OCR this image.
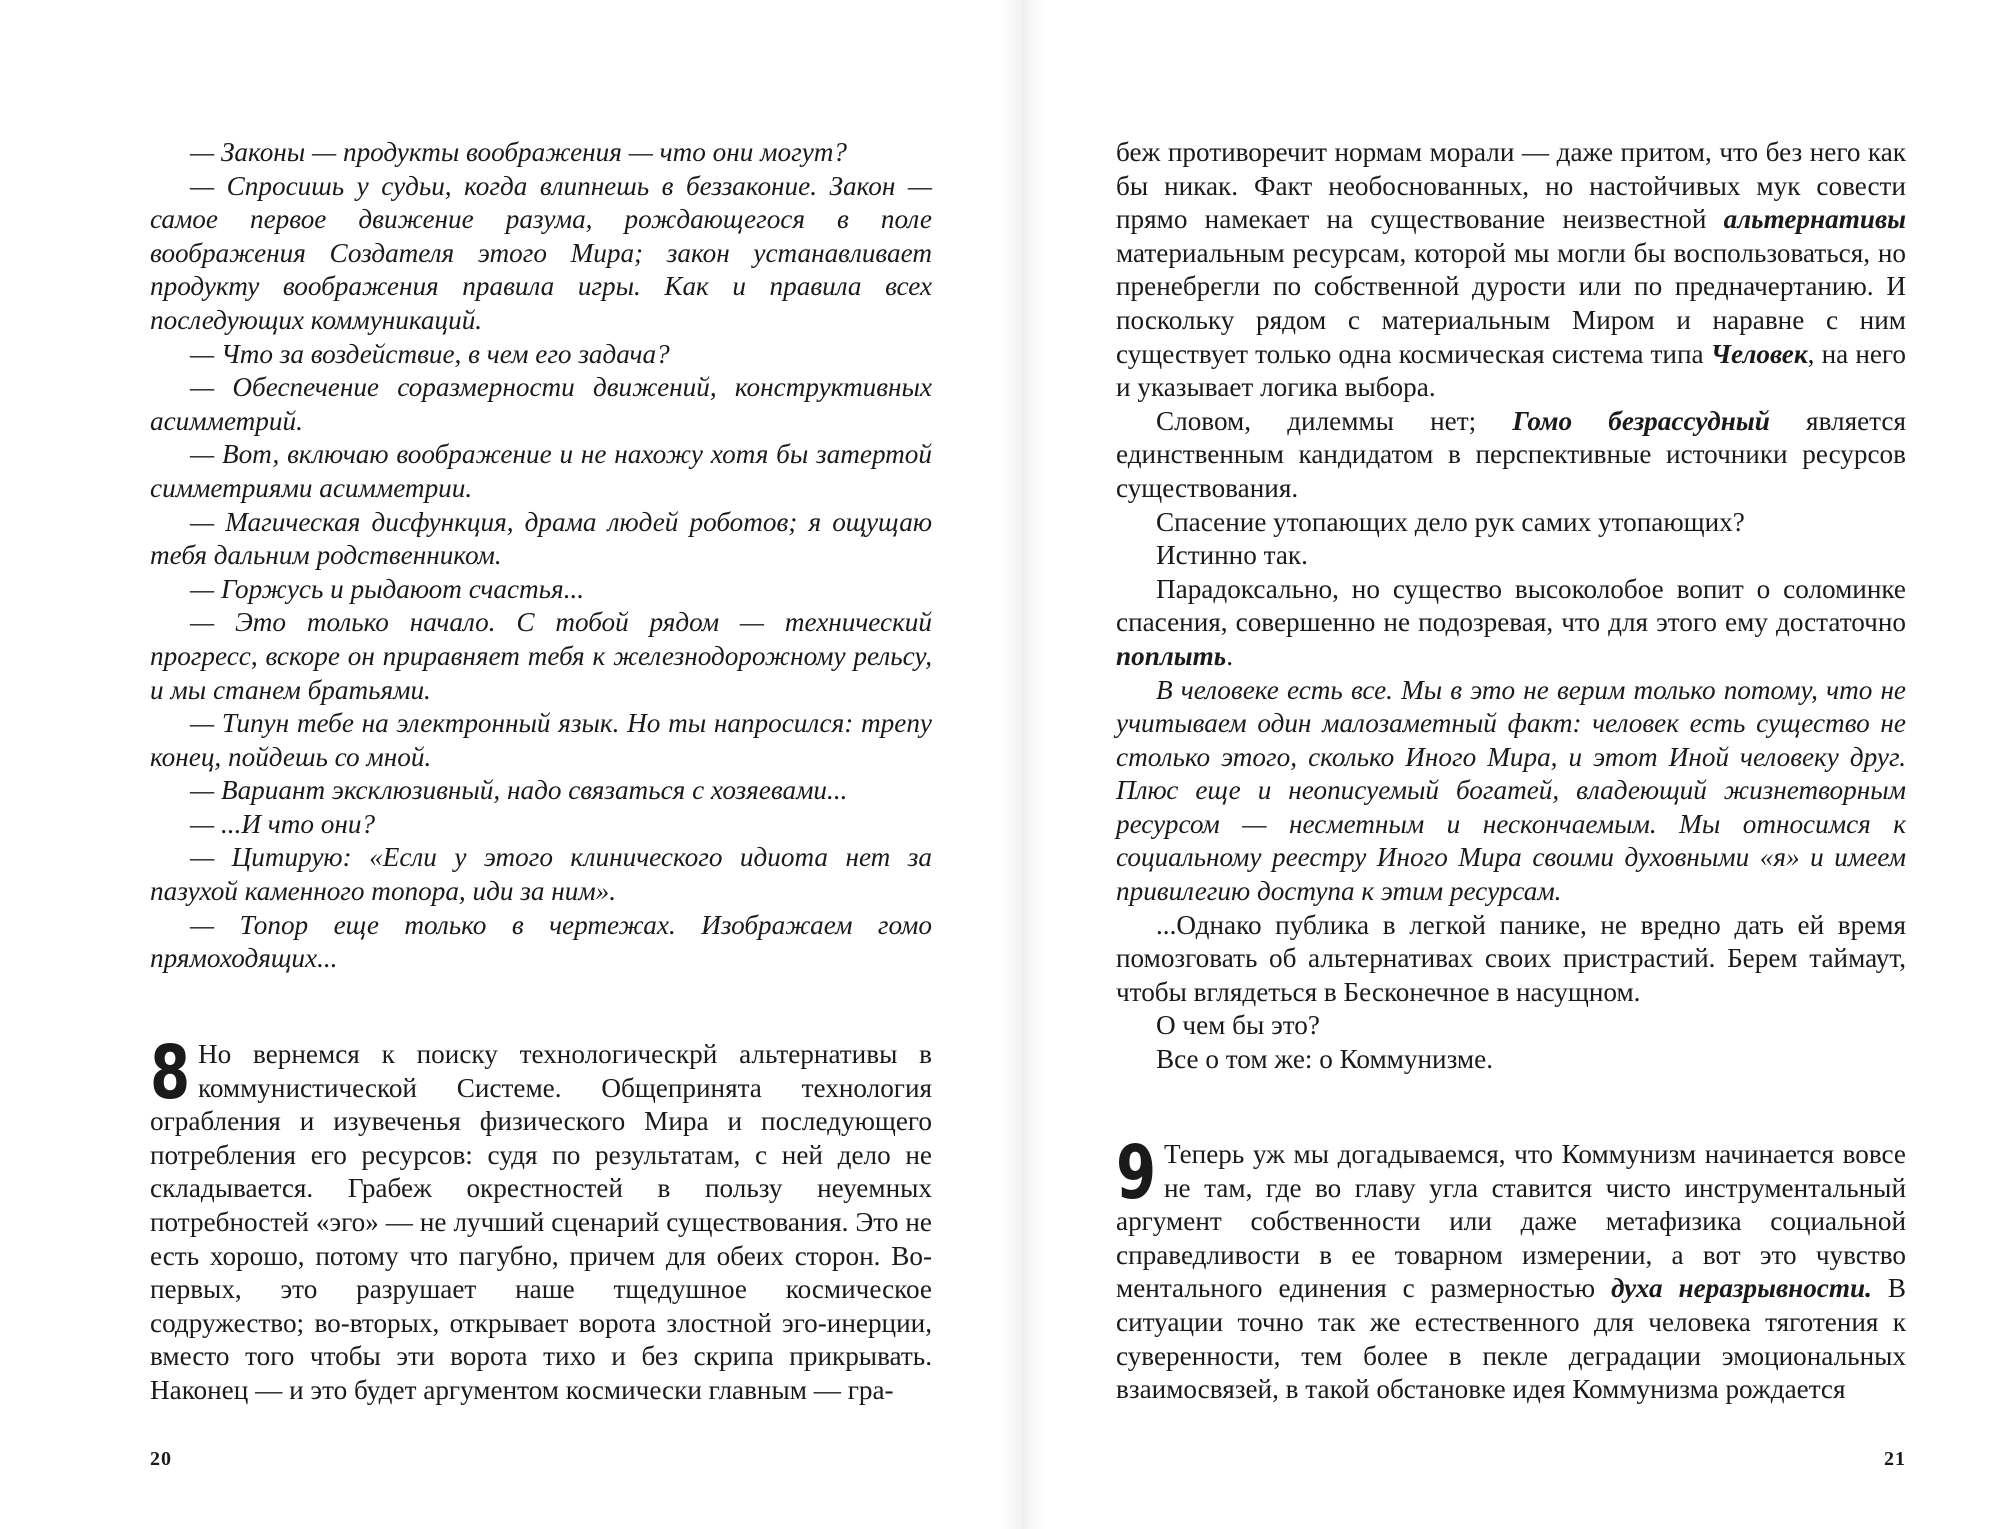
— Законы — продукты воображения — что они могут?

— Спросишь у судьи, когда влипнешь в беззаконие. Закон — самое первое движение разума, рождающегося в поле воображения Создателя этого Мира; закон устанавливает продукту воображения правила игры. Как и правила всех последующих коммуникаций.

— Что за воздействие, в чем его задача?

— Обеспечение соразмерности движений, конструктивных асимметрий.

— Вот, включаю воображение и не нахожу хотя бы затертой симметриями асимметрии.

— Магическая дисфункция, драма людей роботов; я ощущаю тебя дальним родственником.

— Горжусь и рыдаюот счастья...

— Это только начало. С тобой рядом — технический прогресс, вскоре он приравняет тебя к железнодорожному рельсу, и мы станем братьями.

— Типун тебе на электронный язык. Но ты напросился: трепу конец, пойдешь со мной.

— Вариант эксклюзивный, надо связаться с хозяевами...

— ...И что они?

— Цитирую: «Если у этого клинического идиота нет за пазухой каменного топора, иди за ним».

— Топор еще только в чертежах. Изображаем гомо прямоходящих...

8 Но вернемся к поиску технологическрй альтернативы в коммунистической Системе. Общепринята технология ограбления и изувеченья физического Мира и последующего потребления его ресурсов: судя по результатам, с ней дело не складывается. Грабеж окрестностей в пользу неуемных потребностей «эго» — не лучший сценарий существования. Это не есть хорошо, потому что пагубно, причем для обеих сторон. Во-первых, это разрушает наше тщедушное космическое содружество; во-вторых, открывает ворота злостной эго-инерции, вместо того чтобы эти ворота тихо и без скрипа прикрывать. Наконец — и это будет аргументом космически главным — гра-

20

беж противоречит нормам морали — даже притом, что без него как бы никак. Факт необоснованных, но настойчивых мук совести прямо намекает на существование неизвестной альтернативы материальным ресурсам, которой мы могли бы воспользоваться, но пренебрегли по собственной дурости или по предначертанию. И поскольку рядом с материальным Миром и наравне с ним существует только одна космическая система типа Человек, на него и указывает логика выбора.

Словом, дилеммы нет; Гомо безрассудный является единственным кандидатом в перспективные источники ресурсов существования.

Спасение утопающих дело рук самих утопающих?

Истинно так.

Парадоксально, но существо высоколобое вопит о соломинке спасения, совершенно не подозревая, что для этого ему достаточно поплыть.

В человеке есть все. Мы в это не верим только потому, что не учитываем один малозаметный факт: человек есть существо не столько этого, сколько Иного Мира, и этот Иной человеку друг. Плюс еще и неописуемый богатей, владеющий жизнетворным ресурсом — несметным и нескончаемым. Мы относимся к социальному реестру Иного Мира своими духовными «я» и имеем привилегию доступа к этим ресурсам.

...Однако публика в легкой панике, не вредно дать ей время помозговать об альтернативах своих пристрастий. Берем таймаут, чтобы вглядеться в Бесконечное в насущном.

О чем бы это?

Все о том же: о Коммунизме.

9 Теперь уж мы догадываемся, что Коммунизм начинается вовсе не там, где во главу угла ставится чисто инструментальный аргумент собственности или даже метафизика социальной справедливости в ее товарном измерении, а вот это чувство ментального единения с размерностью духа неразрывности. В ситуации точно так же естественного для человека тяготения к суверенности, тем более в пекле деградации эмоциональных взаимосвязей, в такой обстановке идея Коммунизма рождается

21
